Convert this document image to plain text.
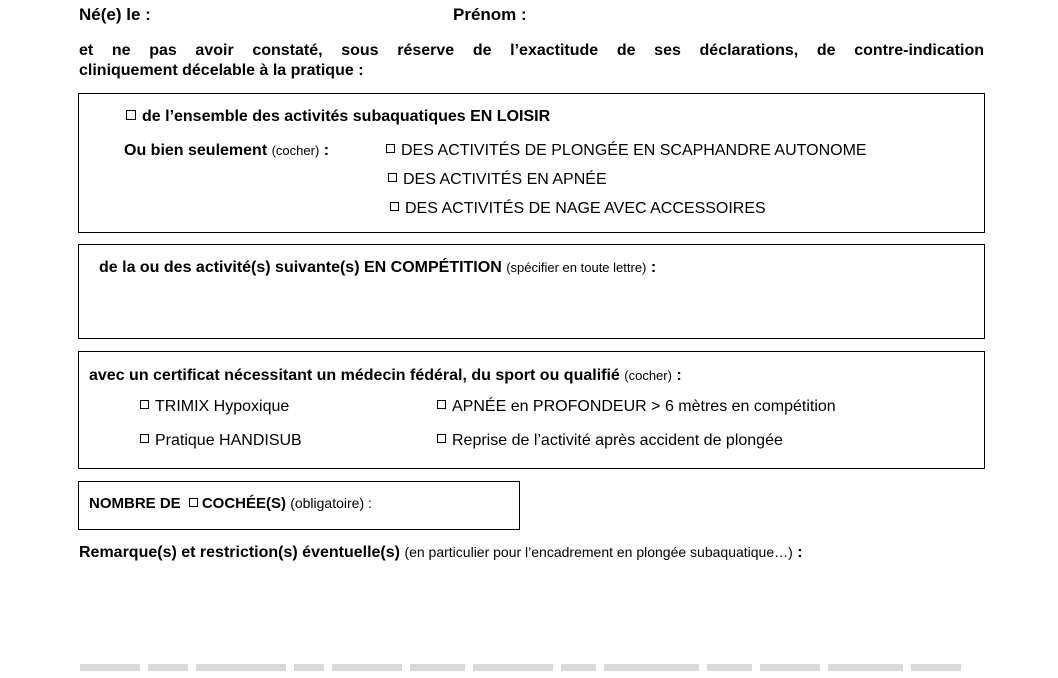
Né(e) le :	Prénom :
et ne pas avoir constaté, sous réserve de l’exactitude de ses déclarations, de contre-indication
cliniquement décelable à la pratique :
de l’ensemble des activités subaquatiques EN LOISIR
Ou bien seulement (cocher) :	DES ACTIVITÉS DE PLONGÉE EN SCAPHANDRE AUTONOME
DES ACTIVITÉS EN APNÉE
DES ACTIVITÉS DE NAGE AVEC ACCESSOIRES
de la ou des activité(s) suivante(s) EN COMPÉTITION (spécifier en toute lettre) :
avec un certificat nécessitant un médecin fédéral, du sport ou qualifié (cocher) :
TRIMIX Hypoxique	APNÉE en PROFONDEUR > 6 mètres en compétition
Pratique HANDISUB	Reprise de l’activité après accident de plongée
NOMBRE DE COCHÉE(S) (obligatoire) :
Remarque(s) et restriction(s) éventuelle(s) (en particulier pour l’encadrement en plongée subaquatique…) :
